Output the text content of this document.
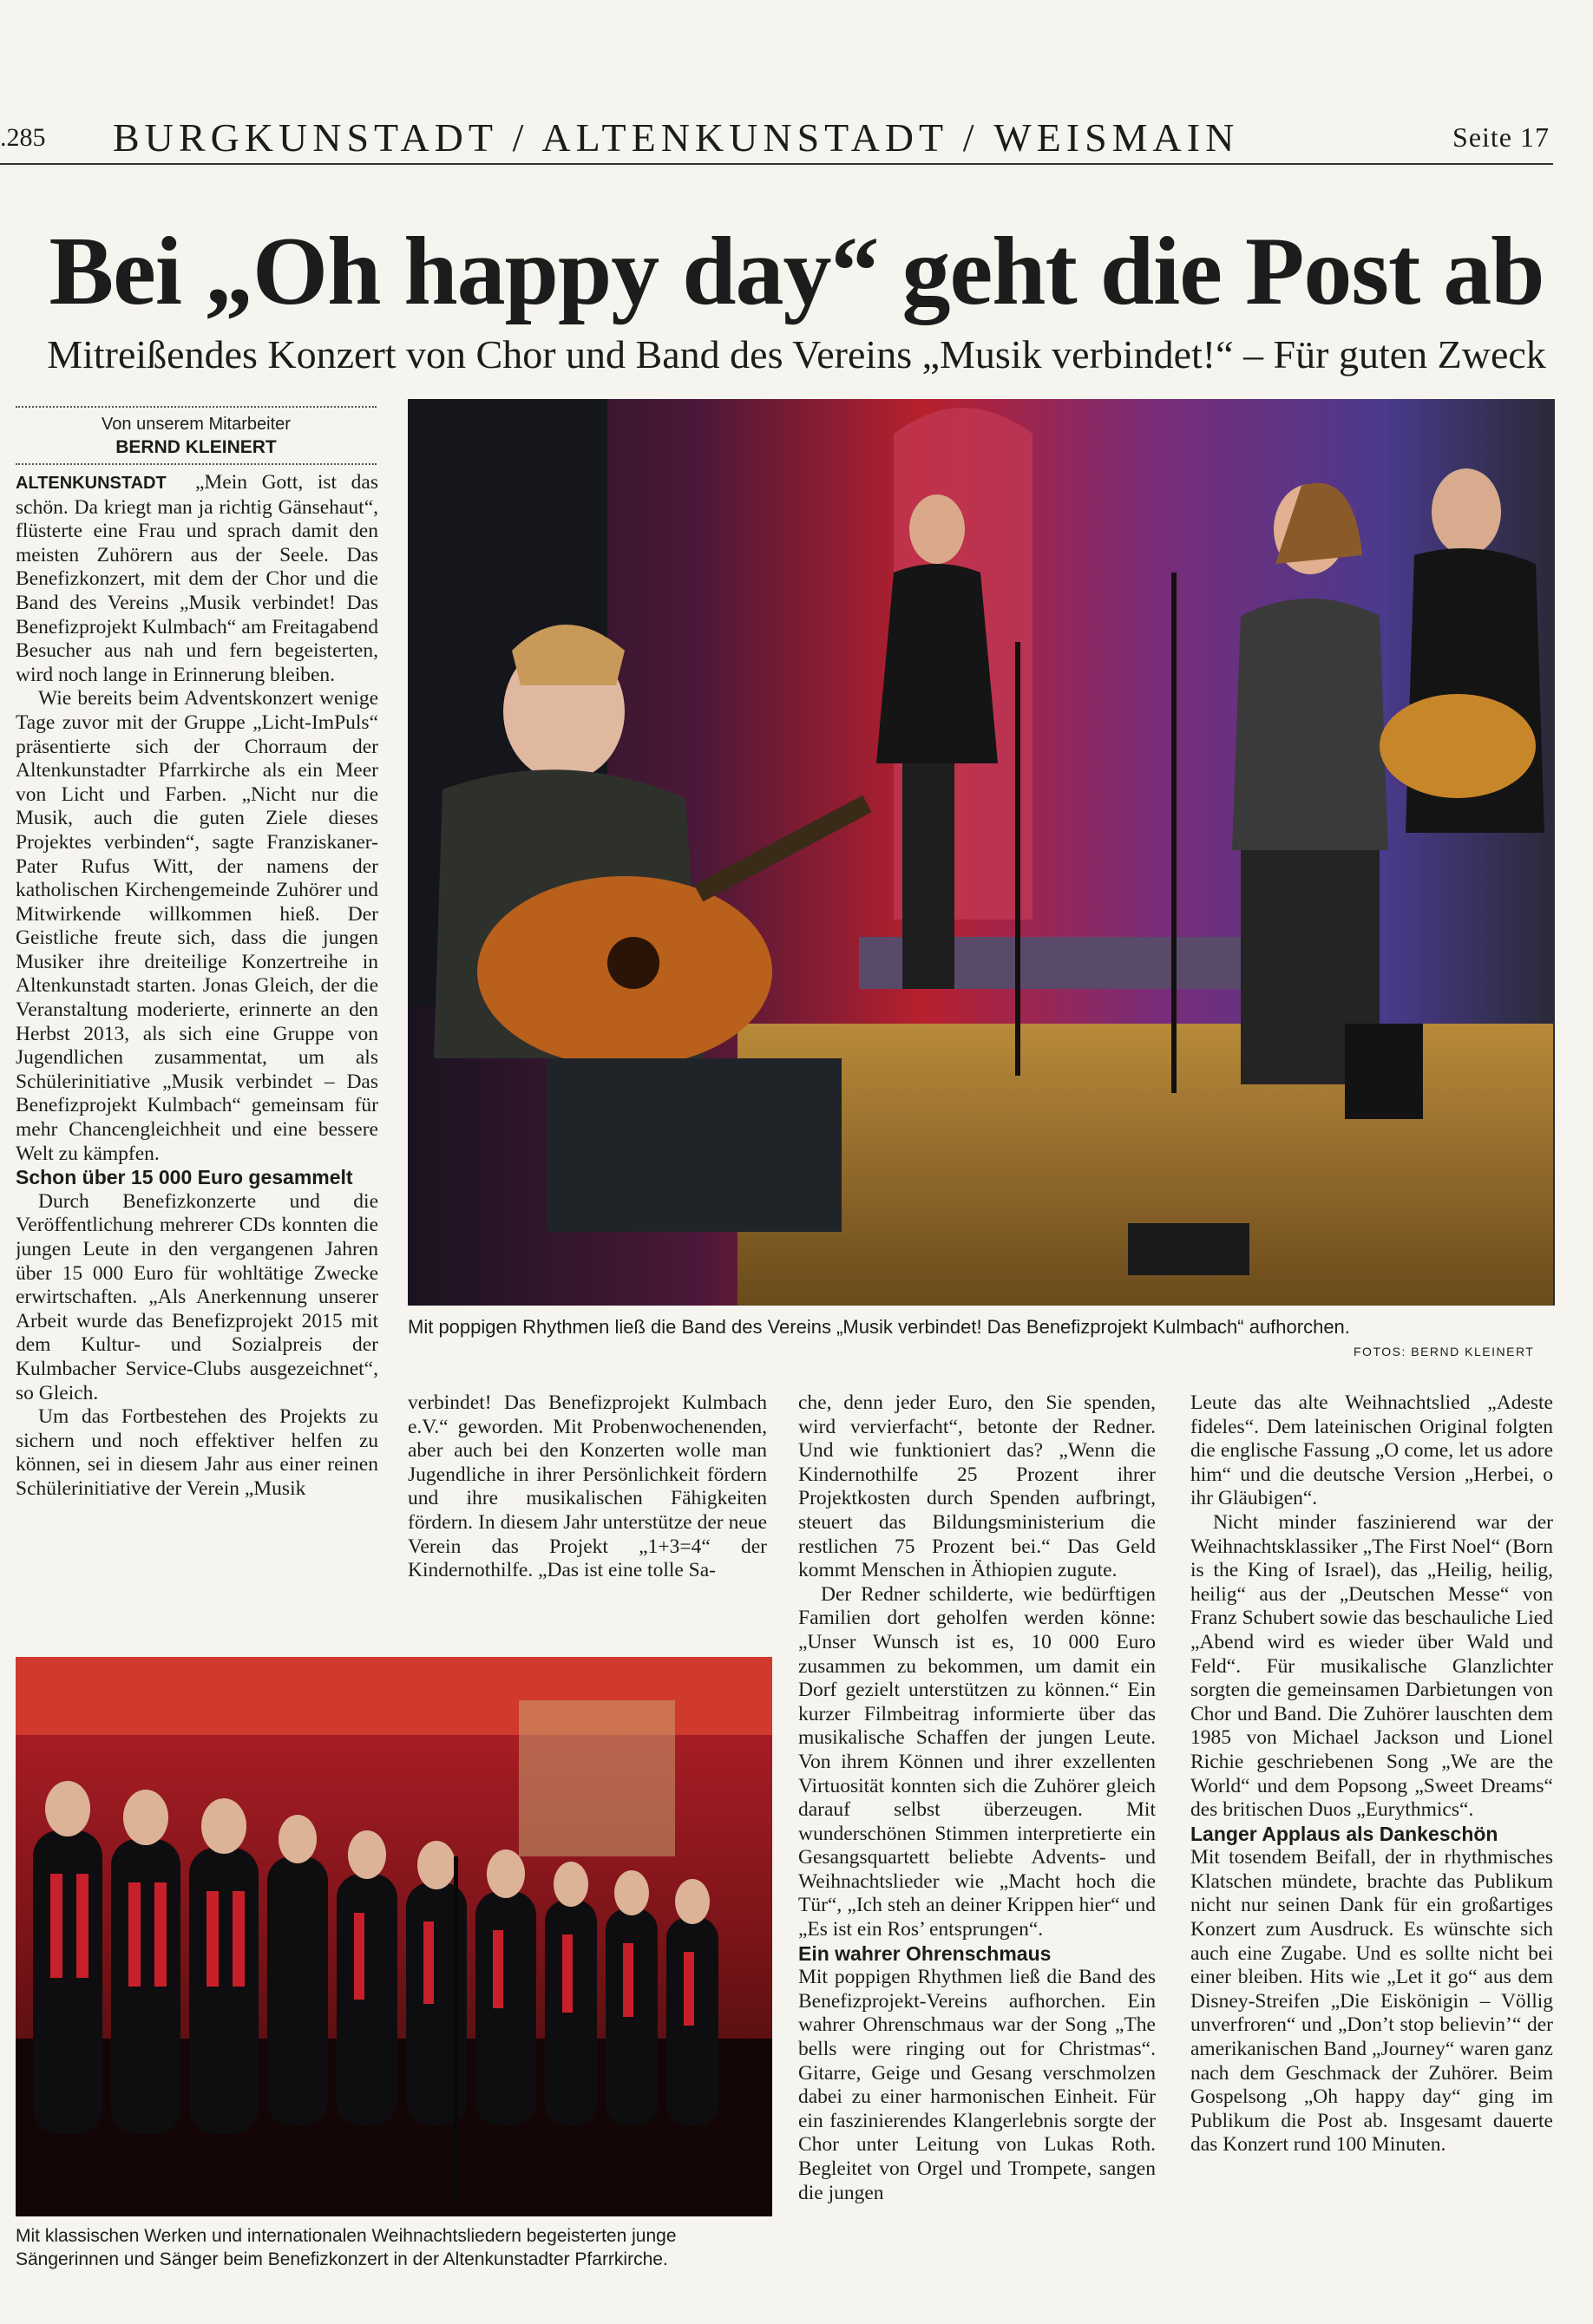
.285 BURGKUNSTADT / ALTENKUNSTADT / WEISMAIN	Seite 17
Bei „Oh happy day“ geht die Post ab
Mitreißendes Konzert von Chor und Band des Vereins „Musik verbindet!“ – Für guten Zweck
Von unserem Mitarbeiter
BERND KLEINERT

ALTENKUNSTADT „Mein Gott, ist das schön. Da kriegt man ja richtig Gänsehaut“, flüsterte eine Frau und sprach damit den meisten Zuhörern aus der Seele. Das Benefizkonzert, mit dem der Chor und die Band des Vereins „Musik verbindet! Das Benefizprojekt Kulmbach“ am Freitagabend Besucher aus nah und fern begeisterten, wird noch lange in Erinnerung bleiben.

Wie bereits beim Adventskonzert wenige Tage zuvor mit der Gruppe „Licht-ImPuls“ präsentierte sich der Chorraum der Altenkunstadter Pfarrkirche als ein Meer von Licht und Farben. „Nicht nur die Musik, auch die guten Ziele dieses Projektes verbinden“, sagte Franziskaner-Pater Rufus Witt, der namens der katholischen Kirchengemeinde Zuhörer und Mitwirkende willkommen hieß. Der Geistliche freute sich, dass die jungen Musiker ihre dreiteilige Konzertreihe in Altenkunstadt starten. Jonas Gleich, der die Veranstaltung moderierte, erinnerte an den Herbst 2013, als sich eine Gruppe von Jugendlichen zusammentat, um als Schülerinitiative „Musik verbindet – Das Benefizprojekt Kulmbach“ gemeinsam für mehr Chancengleichheit und eine bessere Welt zu kämpfen.

Schon über 15 000 Euro gesammelt

Durch Benefizkonzerte und die Veröffentlichung mehrerer CDs konnten die jungen Leute in den vergangenen Jahren über 15 000 Euro für wohltätige Zwecke erwirtschaften. „Als Anerkennung unserer Arbeit wurde das Benefizprojekt 2015 mit dem Kultur- und Sozialpreis der Kulmbacher Service-Clubs ausgezeichnet“, so Gleich.

Um das Fortbestehen des Projekts zu sichern und noch effektiver helfen zu können, sei in diesem Jahr aus einer reinen Schülerinitiative der Verein „Musik

Mit poppigen Rhythmen ließ die Band des Vereins „Musik verbindet! Das Benefizprojekt Kulmbach“ aufhorchen.
FOTOS: BERND KLEINERT

verbindet! Das Benefizprojekt Kulmbach e.V.“ geworden. Mit Probenwochenenden, aber auch bei den Konzerten wolle man Jugendliche in ihrer Persönlichkeit fördern und ihre musikalischen Fähigkeiten fördern. In diesem Jahr unterstütze der neue Verein das Projekt „1+3=4“ der Kindernothilfe. „Das ist eine tolle Sa-

Mit klassischen Werken und internationalen Weihnachtsliedern begeisterten junge Sängerinnen und Sänger beim Benefizkonzert in der Altenkunstadter Pfarrkirche.

che, denn jeder Euro, den Sie spenden, wird vervierfacht“, betonte der Redner. Und wie funktioniert das? „Wenn die Kindernothilfe 25 Prozent ihrer Projektkosten durch Spenden aufbringt, steuert das Bildungsministerium die restlichen 75 Prozent bei.“ Das Geld kommt Menschen in Äthiopien zugute.

Der Redner schilderte, wie bedürftigen Familien dort geholfen werden könne: „Unser Wunsch ist es, 10 000 Euro zusammen zu bekommen, um damit ein Dorf gezielt unterstützen zu können.“ Ein kurzer Filmbeitrag informierte über das musikalische Schaffen der jungen Leute. Von ihrem Können und ihrer exzellenten Virtuosität konnten sich die Zuhörer gleich darauf selbst überzeugen. Mit wunderschönen Stimmen interpretierte ein Gesangsquartett beliebte Advents- und Weihnachtslieder wie „Macht hoch die Tür“, „Ich steh an deiner Krippen hier“ und „Es ist ein Ros’ entsprungen“.

Ein wahrer Ohrenschmaus

Mit poppigen Rhythmen ließ die Band des Benefizprojekt-Vereins aufhorchen. Ein wahrer Ohrenschmaus war der Song „The bells were ringing out for Christmas“. Gitarre, Geige und Gesang verschmolzen dabei zu einer harmonischen Einheit. Für ein faszinierendes Klangerlebnis sorgte der Chor unter Leitung von Lukas Roth. Begleitet von Orgel und Trompete, sangen die jungen

Leute das alte Weihnachtslied „Adeste fideles“. Dem lateinischen Original folgten die englische Fassung „O come, let us adore him“ und die deutsche Version „Herbei, o ihr Gläubigen“.

Nicht minder faszinierend war der Weihnachtsklassiker „The First Noel“ (Born is the King of Israel), das „Heilig, heilig, heilig“ aus der „Deutschen Messe“ von Franz Schubert sowie das beschauliche Lied „Abend wird es wieder über Wald und Feld“. Für musikalische Glanzlichter sorgten die gemeinsamen Darbietungen von Chor und Band. Die Zuhörer lauschten dem 1985 von Michael Jackson und Lionel Richie geschriebenen Song „We are the World“ und dem Popsong „Sweet Dreams“ des britischen Duos „Eurythmics“.

Langer Applaus als Dankeschön

Mit tosendem Beifall, der in rhythmisches Klatschen mündete, brachte das Publikum nicht nur seinen Dank für ein großartiges Konzert zum Ausdruck. Es wünschte sich auch eine Zugabe. Und es sollte nicht bei einer bleiben. Hits wie „Let it go“ aus dem Disney-Streifen „Die Eiskönigin – Völlig unverfroren“ und „Don’t stop believin’“ der amerikanischen Band „Journey“ waren ganz nach dem Geschmack der Zuhörer. Beim Gospelsong „Oh happy day“ ging im Publikum die Post ab. Insgesamt dauerte das Konzert rund 100 Minuten.
